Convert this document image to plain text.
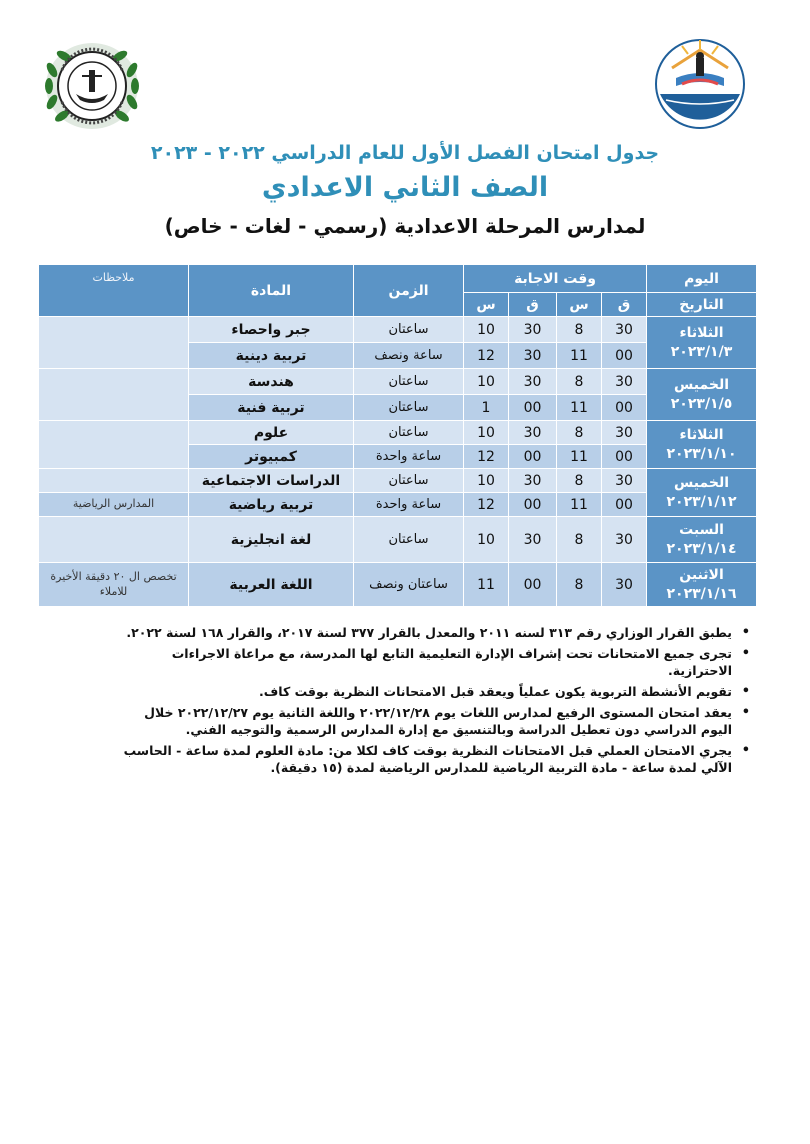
جدول امتحان الفصل الأول للعام الدراسي ٢٠٢٢ - ٢٠٢٣
الصف الثاني الاعدادي
لمدارس المرحلة الاعدادية (رسمي - لغات - خاص)
اليوم	وقت الاجابة				الزمن	المادة	ملاحظات
التاريخ	ق	س	ق	س			

الثلاثاء
٢٠٢٣/١/٣	30	8	30	10	ساعتان	جبر واحصاء	
	00	11	30	12	ساعة ونصف	تربية دينية	

الخميس
٢٠٢٣/١/٥	30	8	30	10	ساعتان	هندسة	
	00	11	00	1	ساعتان	تربية فنية	

الثلاثاء
٢٠٢٣/١/١٠	30	8	30	10	ساعتان	علوم	
	00	11	00	12	ساعة واحدة	كمبيوتر	

الخميس
٢٠٢٣/١/١٢	30	8	30	10	ساعتان	الدراسات الاجتماعية	
	00	11	00	12	ساعة واحدة	تربية رياضية	المدارس الرياضية

السبت
٢٠٢٣/١/١٤	30	8	30	10	ساعتان	لغة انجليزية	

الاثنين
٢٠٢٣/١/١٦	30	8	00	11	ساعتان ونصف	اللغة العربية	تخصص ال ٢٠ دقيقة الأخيرة للاملاء
•
يطبق القرار الوزاري رقم ٣١٣ لسنه ٢٠١١ والمعدل بالقرار ٣٧٧ لسنة ٢٠١٧، والقرار ١٦٨ لسنة ٢٠٢٢.
•
تجرى جميع الامتحانات تحت إشراف الإدارة التعليمية التابع لها المدرسة، مع مراعاة الاجراءات الاحترازية.
•
تقويم الأنشطة التربوية يكون عملياً ويعقد قبل الامتحانات النظرية بوقت كاف.
•
يعقد امتحان المستوى الرفيع لمدارس اللغات يوم ٢٠٢٢/١٢/٢٨ واللغة الثانية يوم ٢٠٢٢/١٢/٢٧ خلال اليوم الدراسي دون تعطيل الدراسة وبالتنسيق مع إدارة المدارس الرسمية والتوجيه الفني.
•
يجري الامتحان العملي قبل الامتحانات النظرية بوقت كاف لكلا من: مادة العلوم لمدة ساعة - الحاسب الآلي لمدة ساعة - مادة التربية الرياضية للمدارس الرياضية لمدة (١٥ دقيقة).
